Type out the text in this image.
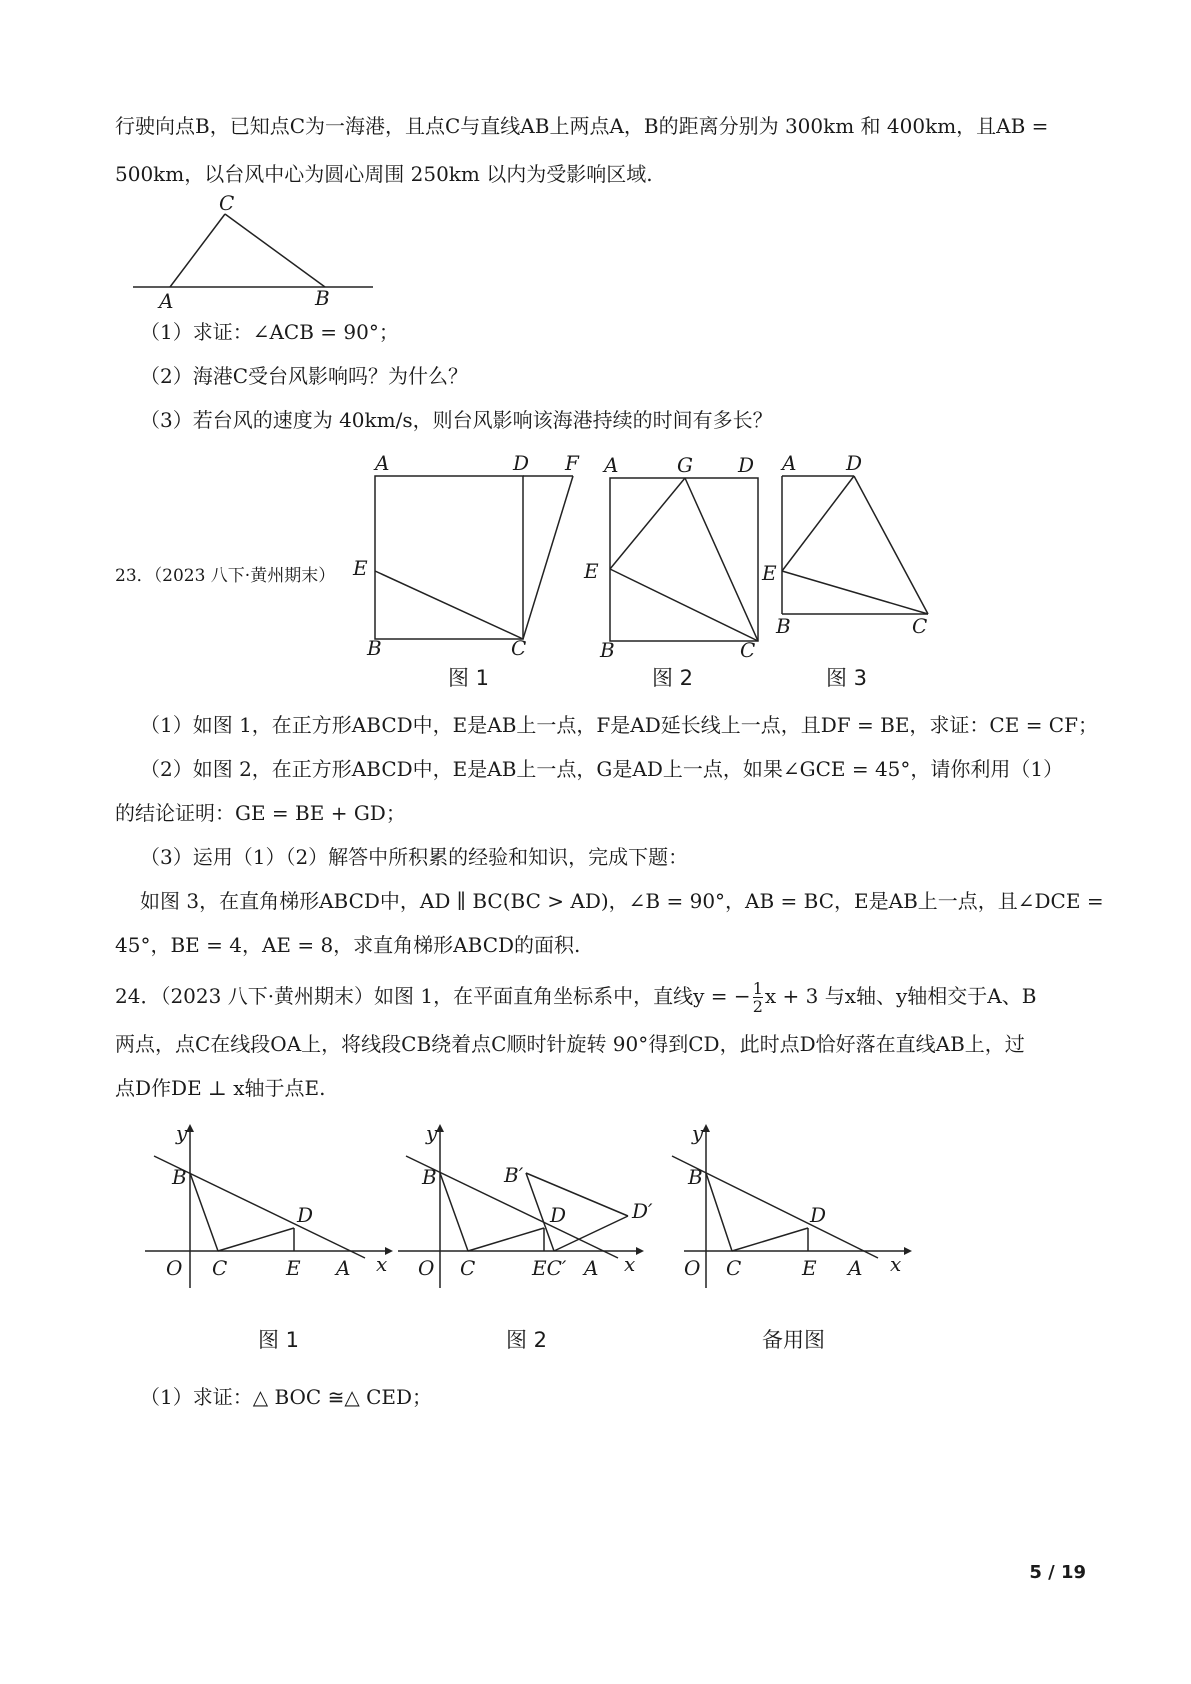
行驶向点B，已知点C为一海港，且点C与直线AB上两点A，B的距离分别为 300km 和 400km，且AB =
500km，以台风中心为圆心周围 250km 以内为受影响区域.
C
A	B
（1）求证：∠ACB = 90°；
（2）海港C受台风影响吗？为什么？
（3）若台风的速度为 40km/s，则台风影响该海港持续的时间有多长？
23．（2023 八下·黄州期末）
A	D F
E
B	C
A	G D
E
B	C
A D
E
B	C
图 1	图 2	图 3
（1）如图 1，在正方形ABCD中，E是AB上一点，F是AD延长线上一点，且DF = BE，求证：CE = CF；
（2）如图 2，在正方形ABCD中，E是AB上一点，G是AD上一点，如果∠GCE = 45°，请你利用（1）
的结论证明：GE = BE + GD；
（3）运用（1）（2）解答中所积累的经验和知识，完成下题：
如图 3，在直角梯形ABCD中，AD ∥ BC(BC > AD)，∠B = 90°，AB = BC，E是AB上一点，且∠DCE =
45°，BE = 4，AE = 8，求直角梯形ABCD的面积.
24．（2023 八下·黄州期末）如图 1，在平面直角坐标系中，直线y = − $\frac{1}{2}$ x + 3 与x轴、y轴相交于A、B
两点，点C在线段OA上，将线段CB绕着点C顺时针旋转 90°得到CD，此时点D恰好落在直线AB上，过
点D作DE ⊥ x轴于点E.
y
B
D
O C	E A x
y
B	B′
D	D′
O C	EC′ A x
y
B
D
O C	E A x
图 1	图 2	备用图
（1）求证：△ BOC ≅△ CED；
5 / 19
